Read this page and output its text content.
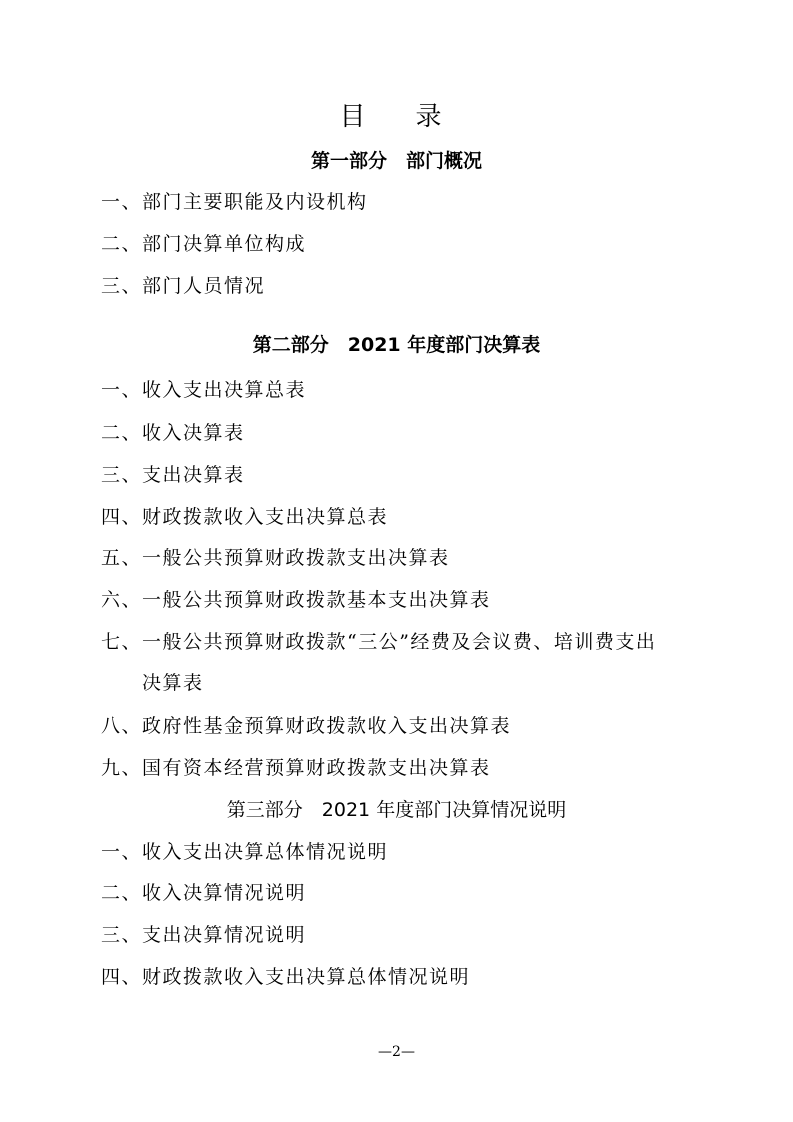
目　录
第一部分　部门概况
一、部门主要职能及内设机构
二、部门决算单位构成
三、部门人员情况
第二部分　2021 年度部门决算表
一、收入支出决算总表
二、收入决算表
三、支出决算表
四、财政拨款收入支出决算总表
五、一般公共预算财政拨款支出决算表
六、一般公共预算财政拨款基本支出决算表
七、一般公共预算财政拨款“三公”经费及会议费、培训费支出
决算表
八、政府性基金预算财政拨款收入支出决算表
九、国有资本经营预算财政拨款支出决算表
第三部分　2021 年度部门决算情况说明
一、收入支出决算总体情况说明
二、收入决算情况说明
三、支出决算情况说明
四、财政拨款收入支出决算总体情况说明
—2—
